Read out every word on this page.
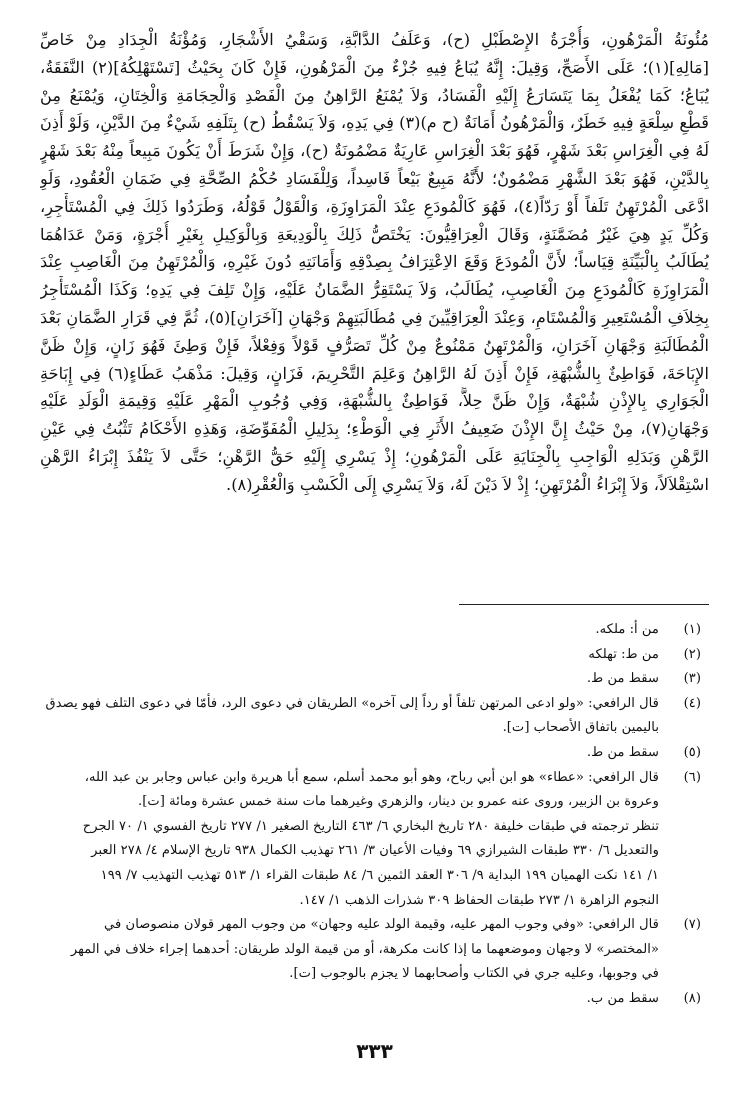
مُئُونَةُ الْمَرْهُونِ، وَأُجْرَةُ الإِصْطَبْلِ (ح)، وَعَلَفُ الدَّابَّةِ، وَسَقْيُ الأَشْجَارِ، وَمُؤْنَةُ الْجِدَادِ مِنْ خَاصِّ
[مَالِهِ](١)؛ عَلَى الأَصَحِّ، وَقِيلَ: إِنَّهُ يُبَاعُ فِيهِ جُزْءٌ مِنَ الْمَرْهُونِ، فَإِنْ كَانَ بِحَيْثُ [تَسْتَهْلِكُهُ](٢) النَّفَقَةُ،
يُبَاعُ؛ كَمَا يُفْعَلُ بِمَا يَتَسَارَعُ إِلَيْهِ الْفَسَادُ، وَلاَ يُمْنَعُ الرَّاهِنُ مِنَ الْفَصْدِ وَالْحِجَامَةِ وَالْخِتَانِ، وَيُمْنَعُ مِنْ
قَطْعِ سِلْعَةٍ فِيهِ خَطَرٌ، وَالْمَرْهُونُ أَمَانَةٌ (ح م)(٣) فِي يَدِهِ، وَلاَ يَسْقُطُ (ح) بِتَلَفِهِ شَيْءٌ مِنَ الدَّيْنِ، وَلَوْ أَذِنَ
لَهُ فِي الْغِرَاسِ بَعْدَ شَهْرٍ، فَهُوَ بَعْدَ الْغِرَاسِ عَارِيَةٌ مَضْمُونَةٌ (ح)، وَإِنْ شَرَطَ أَنْ يَكُونَ مَبِيعاً مِنْهُ بَعْدَ شَهْرٍ
بِالدَّيْنِ، فَهُوَ بَعْدَ الشَّهْرِ مَضْمُونٌ؛ لأَنَّهُ مَبِيعٌ بَيْعاً فَاسِداً، وَلِلْفَسَادِ حُكْمُ الصِّحَّةِ فِي ضَمَانِ الْعُقُودِ، وَلَوِ
ادَّعَى الْمُرْتَهِنُ تَلَفاً أَوْ رَدّاً(٤)، فَهُوَ كَالْمُودَعِ عِنْدَ الْمَرَاوِزَةِ، وَالْقَوْلُ قَوْلُهُ، وَطَرَدُوا ذَلِكَ فِي الْمُسْتَأْجِرِ،
وَكُلِّ يَدٍ هِيَ غَيْرُ مُضَمَّنَةٍ، وَقَالَ الْعِرَاقِيُّونَ: يَخْتَصُّ ذَلِكَ بِالْوَدِيعَةِ وَبِالْوَكِيلِ بِغَيْرِ أُجْرَةٍ، وَمَنْ عَدَاهُمَا
يُطَالَبُ بِالْبَيِّنَةِ قِيَاساً؛ لأَنَّ الْمُودَعَ وَقَعَ الاِعْتِرَافُ بِصِدْقِهِ وَأَمَانَتِهِ دُونَ غَيْرِهِ، وَالْمُرْتَهِنُ مِنَ الْغَاصِبِ عِنْدَ
الْمَرَاوِزَةِ كَالْمُودَعِ مِنَ الْغَاصِبِ، يُطَالَبُ، وَلاَ يَسْتَقِرُّ الضَّمَانُ عَلَيْهِ، وَإِنْ تَلِفَ فِي يَدِهِ؛ وَكَذَا الْمُسْتَأْجِرُ
بِخِلاَفِ الْمُسْتَعِيرِ وَالْمُسْتَامِ، وَعِنْدَ الْعِرَاقِيِّينَ فِي مُطَالَبَتِهِمْ وَجْهَانِ [آخَرَانِ](٥)، ثُمَّ فِي قَرَارِ الضَّمَانِ بَعْدَ
الْمُطَالَبَةِ وَجْهَانِ آخَرَانِ، وَالْمُرْتَهِنُ مَمْنُوعٌ مِنْ كُلِّ تَصَرُّفٍ قَوْلاً وَفِعْلاً، فَإِنْ وَطِئَ فَهُوَ زَانٍ، وَإِنْ ظَنَّ
الإِبَاحَةَ، فَوَاطِئٌ بِالشُّبْهَةِ، فَإِنْ أَذِنَ لَهُ الرَّاهِنُ وَعَلِمَ التَّحْرِيمَ، فَزَانٍ، وَقِيلَ: مَذْهَبُ عَطَاءٍ(٦) فِي إِبَاحَةِ
الْجَوَارِي بِالإِذْنِ شُبْهَةٌ، وَإِنْ ظَنَّ حِلاًّ، فَوَاطِئٌ بِالشُّبْهَةِ، وَفِي وُجُوبِ الْمَهْرِ عَلَيْهِ وَقِيمَةِ الْوَلَدِ عَلَيْهِ
وَجْهَانِ(٧)، مِنْ حَيْثُ إِنَّ الإِذْنَ ضَعِيفُ الأَثَرِ فِي الْوَطْءِ؛ بِدَلِيلِ الْمُفَوِّضَةِ، وَهَذِهِ الأَحْكَامُ تَثْبُتُ فِي عَيْنِ
الرَّهْنِ وَبَدَلِهِ الْوَاجِبِ بِالْجِنَايَةِ عَلَى الْمَرْهُونِ؛ إِذْ يَسْرِي إِلَيْهِ حَقُّ الرَّهْنِ؛ حَتَّى لاَ يَنْفُذَ إِبْرَاءُ الرَّهْنِ
اسْتِقْلاَلاً، وَلاَ إِبْرَاءُ الْمُرْتَهِنِ؛ إِذْ لاَ دَيْنَ لَهُ، وَلاَ يَسْرِي إِلَى الْكَسْبِ وَالْعُقْرِ(٨).
(١)
من أ: ملكه.
(٢)
من ط: تهلكه
(٣)
سقط من ط.
(٤)
قال الرافعي: «ولو ادعى المرتهن تلفاً أو رداً إلى آخره» الطريقان في دعوى الرد، فأمّا في دعوى التلف فهو يصدق
باليمين باتفاق الأصحاب [ت].
(٥)
سقط من ط.
(٦)
قال الرافعي: «عطاء» هو ابن أبي رباح، وهو أبو محمد أسلم، سمع أبا هريرة وابن عباس وجابر بن عبد الله،
وعروة بن الزبير، وروى عنه عمرو بن دينار، والزهري وغيرهما مات سنة خمس عشرة ومائة [ت].
تنظر ترجمته في طبقات خليفة ٢٨٠ تاريخ البخاري ٦/ ٤٦٣ التاريخ الصغير ١/ ٢٧٧ تاريخ الفسوي ١/ ٧٠ الجرح
والتعديل ٦/ ٣٣٠ طبقات الشيرازي ٦٩ وفيات الأعيان ٣/ ٢٦١ تهذيب الكمال ٩٣٨ تاريخ الإسلام ٤/ ٢٧٨ العبر
١/ ١٤١ نكت الهميان ١٩٩ البداية ٩/ ٣٠٦ العقد الثمين ٦/ ٨٤ طبقات القراء ١/ ٥١٣ تهذيب التهذيب ٧/ ١٩٩
النجوم الزاهرة ١/ ٢٧٣ طبقات الحفاظ ٣٠٩ شذرات الذهب ١/ ١٤٧.
(٧)
قال الرافعي: «وفي وجوب المهر عليه، وقيمة الولد عليه وجهان» من وجوب المهر قولان منصوصان في
«المختصر» لا وجهان وموضعهما ما إذا كانت مكرهة، أو من قيمة الولد طريقان: أحدهما إجراء خلاف في المهر
في وجوبها، وعليه جري في الكتاب وأصحابهما لا يجزم بالوجوب [ت].
(٨)
سقط من ب.
٣٣٣
